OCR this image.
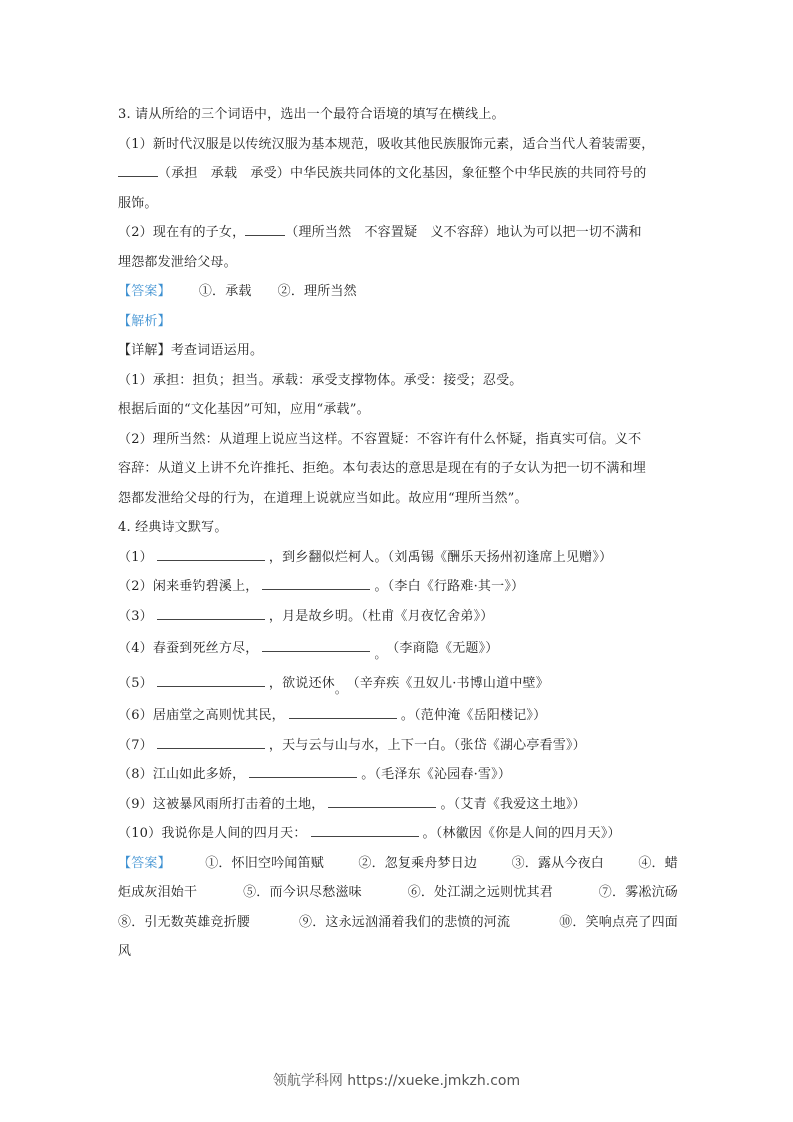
3. 请从所给的三个词语中，选出一个最符合语境的填写在横线上。
（1）新时代汉服是以传统汉服为基本规范，吸收其他民族服饰元素，适合当代人着装需要，
（承担　承载　承受）中华民族共同体的文化基因，象征整个中华民族的共同符号的
服饰。
（2）现在有的子女，	（理所当然　不容置疑　义不容辞）地认为可以把一切不满和
埋怨都发泄给父母。
【答案】 ①．承载 ②．理所当然
【解析】
【详解】考查词语运用。
（1）承担：担负；担当。承载：承受支撑物体。承受：接受；忍受。
根据后面的“文化基因”可知，应用“承载”。
（2）理所当然：从道理上说应当这样。不容置疑：不容许有什么怀疑，指真实可信。义不
容辞：从道义上讲不允许推托、拒绝。本句表达的意思是现在有的子女认为把一切不满和埋
怨都发泄给父母的行为，在道理上说就应当如此。故应用“理所当然”。
4. 经典诗文默写。
（1）	，到乡翻似烂柯人。（刘禹锡《酬乐天扬州初逢席上见赠》）
（2）闲来垂钓碧溪上，	。（李白《行路难·其一》）
（3）	，月是故乡明。（杜甫《月夜忆舍弟》）
（4）春蚕到死丝方尽，	。 （李商隐《无题》）
（5）	，欲说还休。 （辛弃疾《丑奴儿·书博山道中壁》
（6）居庙堂之高则忧其民，	。（范仲淹《岳阳楼记》）
（7）	，天与云与山与水，上下一白。（张岱《湖心亭看雪》）
（8）江山如此多娇，	。（毛泽东《沁园春·雪》）
（9）这被暴风雨所打击着的土地，	。（艾青《我爱这土地》）
（10）我说你是人间的四月天：	。（林徽因《你是人间的四月天》）
【答案】	①．怀旧空吟闻笛赋	②．忽复乘舟梦日边	③．露从今夜白	④．蜡
炬成灰泪始干	⑤．而今识尽愁滋味	⑥．处江湖之远则忧其君	⑦．雾凇沆砀
⑧．引无数英雄竞折腰	⑨．这永远汹涌着我们的悲愤的河流	⑩．笑响点亮了四面
风
领航学科网 https://xueke.jmkzh.com
